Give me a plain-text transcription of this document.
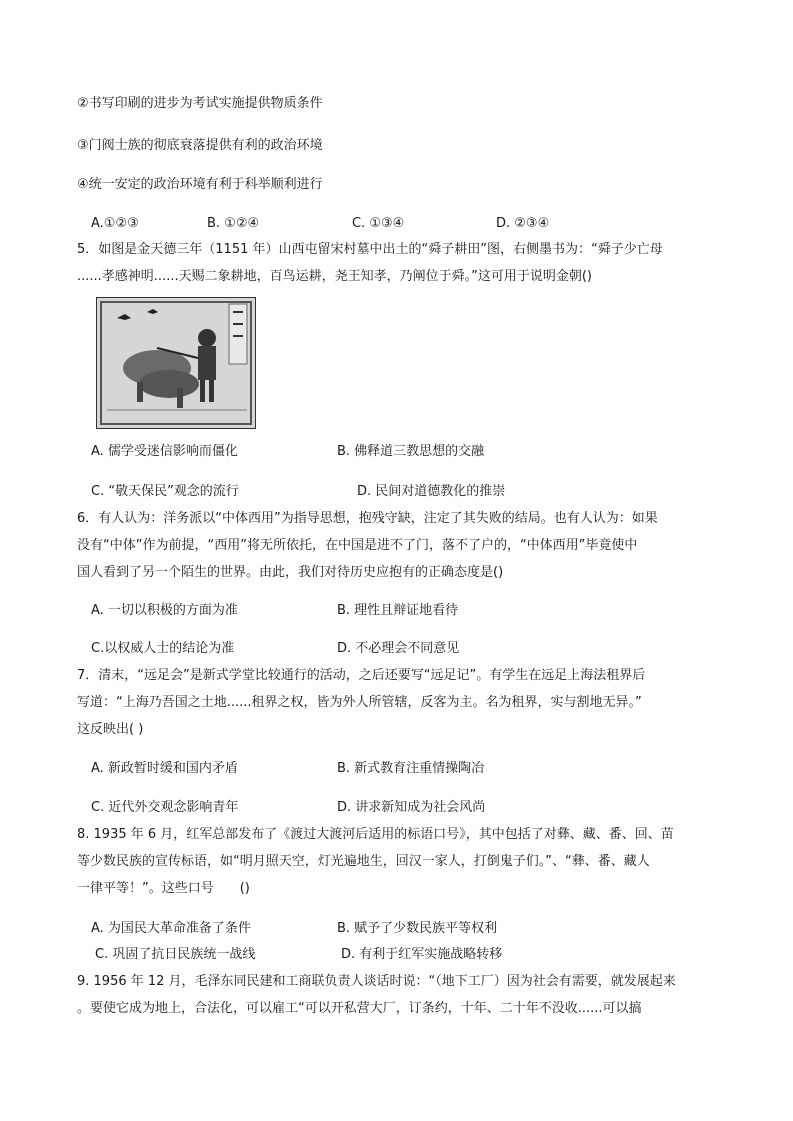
②书写印刷的进步为考试实施提供物质条件
③门阀士族的彻底衰落提供有利的政治环境
④统一安定的政治环境有利于科举顺利进行
A.①②③	B. ①②④	C. ①③④	D. ②③④
5．如图是金天德三年（1151 年）山西屯留宋村墓中出土的“舜子耕田”图，右侧墨书为：“舜子少亡母
......孝感神明......天赐二象耕地，百鸟运耕，尧王知孝，乃阐位于舜。”这可用于说明金朝()
A. 儒学受迷信影响而僵化	B. 佛释道三教思想的交融
C. “敬天保民”观念的流行	D. 民间对道德教化的推崇
6．有人认为：洋务派以“中体西用”为指导思想，抱残守缺，注定了其失败的结局。也有人认为：如果
没有“中体”作为前提，“西用”将无所依托，在中国是进不了门，落不了户的，“中体西用”毕竟使中
国人看到了另一个陌生的世界。由此，我们对待历史应抱有的正确态度是()
A. 一切以积极的方面为准	B. 理性且辩证地看待
C.以权威人士的结论为准	D. 不必理会不同意见
7．清末，“远足会”是新式学堂比较通行的活动，之后还要写“远足记”。有学生在远足上海法租界后
写道：“上海乃吾国之土地......租界之权，皆为外人所管辖，反客为主。名为租界，实与割地无异。”
这反映出( )
A. 新政暂时缓和国内矛盾	B. 新式教育注重情操陶冶
C. 近代外交观念影响青年	D. 讲求新知成为社会风尚
8. 1935 年 6 月，红军总部发布了《渡过大渡河后适用的标语口号》，其中包括了对彝、藏、番、回、苗
等少数民族的宣传标语，如“明月照天空，灯光遍地生，回汉一家人，打倒鬼子们。”、“彝、番、藏人
一律平等！”。这些口号　　()
A. 为国民大革命准备了条件	B. 赋予了少数民族平等权利
C. 巩固了抗日民族统一战线	D. 有利于红军实施战略转移
9. 1956 年 12 月，毛泽东同民建和工商联负责人谈话时说：“（地下工厂）因为社会有需要，就发展起来
。要使它成为地上，合法化，可以雇工“可以开私营大厂，订条约，十年、二十年不没收......可以搞
